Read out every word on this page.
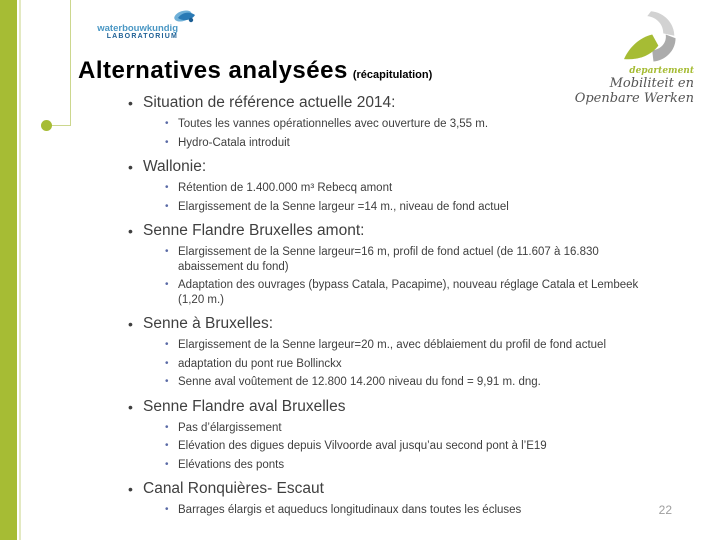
waterbouwkundig
LABORATORIUM
Alternatives analysées (récapitulation)	departement
Mobiliteit en
Openbare Werken
• Situation de référence actuelle 2014:
• Toutes les vannes opérationnelles avec ouverture de 3,55 m.
• Hydro-Catala introduit
• Wallonie:
• Rétention de 1.400.000 m³ Rebecq amont
• Elargissement de la Senne largeur =14 m., niveau de fond actuel
• Senne Flandre Bruxelles amont:
• Elargissement de la Senne largeur=16 m, profil de fond actuel (de 11.607 à 16.830 abaissement du fond)
• Adaptation des ouvrages (bypass Catala, Pacapime), nouveau réglage Catala et Lembeek (1,20 m.)
• Senne à Bruxelles:
• Elargissement de la Senne largeur=20 m., avec déblaiement du profil de fond actuel
• adaptation du pont rue Bollinckx
• Senne aval voûtement de 12.800 14.200 niveau du fond = 9,91 m. dng.
• Senne Flandre aval Bruxelles
• Pas d’élargissement
• Elévation des digues depuis Vilvoorde aval jusqu’au second pont à l’E19
• Elévations des ponts
• Canal Ronquières- Escaut
• Barrages élargis et aqueducs longitudinaux dans toutes les écluses	22
